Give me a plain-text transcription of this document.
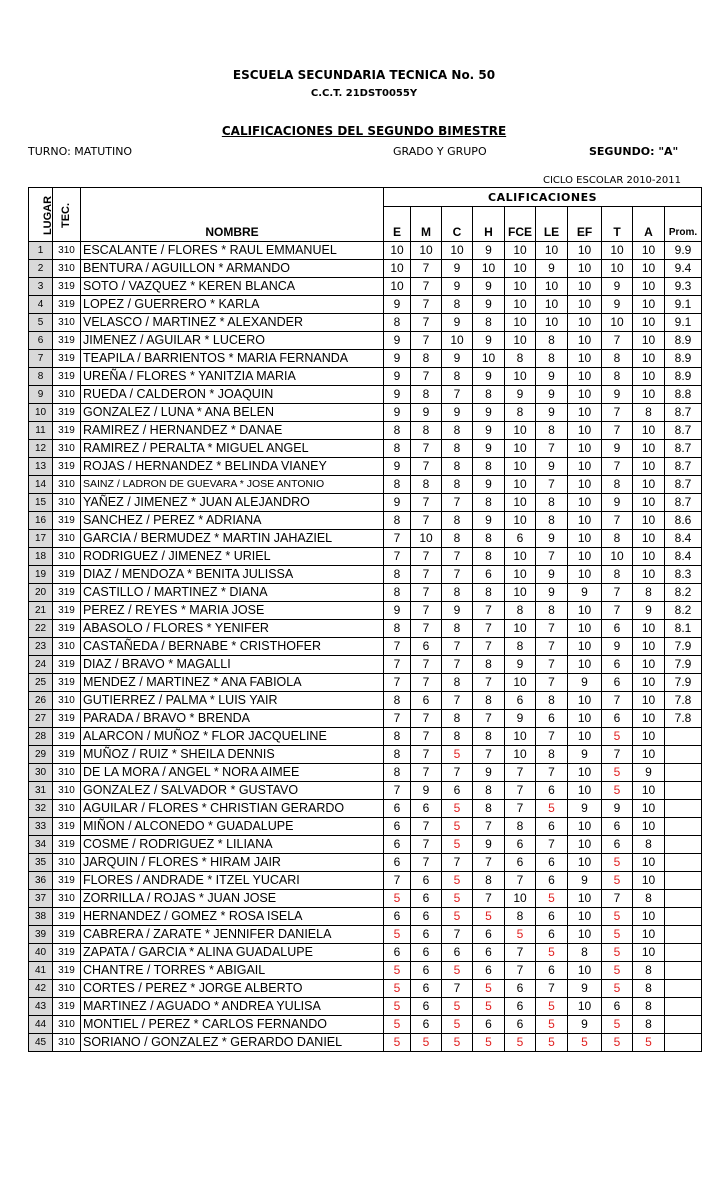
ESCUELA SECUNDARIA TECNICA No. 50
C.C.T. 21DST0055Y
CALIFICACIONES DEL SEGUNDO BIMESTRE
TURNO: MATUTINO	GRADO Y GRUPO	SEGUNDO: "A"
CICLO ESCOLAR 2010-2011
LUGAR	TEC.		CALIFICACIONES									
		NOMBRE	E	M	C	H	FCE	LE	EF	T	A	Prom.
1	310	ESCALANTE / FLORES * RAUL EMMANUEL	10	10	10	9	10	10	10	10	10	9.9
2	310	BENTURA / AGUILLON * ARMANDO	10	7	9	10	10	9	10	10	10	9.4
3	319	SOTO / VAZQUEZ * KEREN BLANCA	10	7	9	9	10	10	10	9	10	9.3
4	319	LOPEZ / GUERRERO * KARLA	9	7	8	9	10	10	10	9	10	9.1
5	310	VELASCO / MARTINEZ * ALEXANDER	8	7	9	8	10	10	10	10	10	9.1
6	319	JIMENEZ / AGUILAR * LUCERO	9	7	10	9	10	8	10	7	10	8.9
7	319	TEAPILA / BARRIENTOS * MARIA FERNANDA	9	8	9	10	8	8	10	8	10	8.9
8	319	UREÑA / FLORES * YANITZIA MARIA	9	7	8	9	10	9	10	8	10	8.9
9	310	RUEDA / CALDERON * JOAQUIN	9	8	7	8	9	9	10	9	10	8.8
10	319	GONZALEZ / LUNA * ANA BELEN	9	9	9	9	8	9	10	7	8	8.7
11	319	RAMIREZ / HERNANDEZ * DANAE	8	8	8	9	10	8	10	7	10	8.7
12	310	RAMIREZ / PERALTA * MIGUEL ANGEL	8	7	8	9	10	7	10	9	10	8.7
13	319	ROJAS / HERNANDEZ * BELINDA VIANEY	9	7	8	8	10	9	10	7	10	8.7
14	310	SAINZ / LADRON DE GUEVARA * JOSE ANTONIO	8	8	8	9	10	7	10	8	10	8.7
15	310	YAÑEZ / JIMENEZ * JUAN ALEJANDRO	9	7	7	8	10	8	10	9	10	8.7
16	319	SANCHEZ / PEREZ * ADRIANA	8	7	8	9	10	8	10	7	10	8.6
17	310	GARCIA / BERMUDEZ * MARTIN JAHAZIEL	7	10	8	8	6	9	10	8	10	8.4
18	310	RODRIGUEZ / JIMENEZ * URIEL	7	7	7	8	10	7	10	10	10	8.4
19	319	DIAZ / MENDOZA * BENITA JULISSA	8	7	7	6	10	9	10	8	10	8.3
20	319	CASTILLO / MARTINEZ * DIANA	8	7	8	8	10	9	9	7	8	8.2
21	319	PEREZ / REYES * MARIA JOSE	9	7	9	7	8	8	10	7	9	8.2
22	319	ABASOLO / FLORES * YENIFER	8	7	8	7	10	7	10	6	10	8.1
23	310	CASTAÑEDA / BERNABE * CRISTHOFER	7	6	7	7	8	7	10	9	10	7.9
24	319	DIAZ / BRAVO * MAGALLI	7	7	7	8	9	7	10	6	10	7.9
25	319	MENDEZ / MARTINEZ * ANA FABIOLA	7	7	8	7	10	7	9	6	10	7.9
26	310	GUTIERREZ / PALMA * LUIS YAIR	8	6	7	8	6	8	10	7	10	7.8
27	319	PARADA / BRAVO * BRENDA	7	7	8	7	9	6	10	6	10	7.8
28	319	ALARCON / MUÑOZ * FLOR JACQUELINE	8	7	8	8	10	7	10	5	10	
29	319	MUÑOZ / RUIZ * SHEILA DENNIS	8	7	5	7	10	8	9	7	10	
30	310	DE LA MORA / ANGEL * NORA AIMEE	8	7	7	9	7	7	10	5	9	
31	310	GONZALEZ / SALVADOR * GUSTAVO	7	9	6	8	7	6	10	5	10	
32	310	AGUILAR / FLORES * CHRISTIAN GERARDO	6	6	5	8	7	5	9	9	10	
33	319	MIÑON / ALCONEDO * GUADALUPE	6	7	5	7	8	6	10	6	10	
34	319	COSME / RODRIGUEZ * LILIANA	6	7	5	9	6	7	10	6	8	
35	310	JARQUIN / FLORES * HIRAM JAIR	6	7	7	7	6	6	10	5	10	
36	319	FLORES / ANDRADE * ITZEL YUCARI	7	6	5	8	7	6	9	5	10	
37	310	ZORRILLA / ROJAS * JUAN JOSE	5	6	5	7	10	5	10	7	8	
38	319	HERNANDEZ / GOMEZ * ROSA ISELA	6	6	5	5	8	6	10	5	10	
39	319	CABRERA / ZARATE * JENNIFER DANIELA	5	6	7	6	5	6	10	5	10	
40	319	ZAPATA / GARCIA * ALINA GUADALUPE	6	6	6	6	7	5	8	5	10	
41	319	CHANTRE / TORRES * ABIGAIL	5	6	5	6	7	6	10	5	8	
42	310	CORTES / PEREZ * JORGE ALBERTO	5	6	7	5	6	7	9	5	8	
43	319	MARTINEZ / AGUADO * ANDREA YULISA	5	6	5	5	6	5	10	6	8	
44	310	MONTIEL / PEREZ * CARLOS FERNANDO	5	6	5	6	6	5	9	5	8	
45	310	SORIANO / GONZALEZ * GERARDO DANIEL	5	5	5	5	5	5	5	5	5	
